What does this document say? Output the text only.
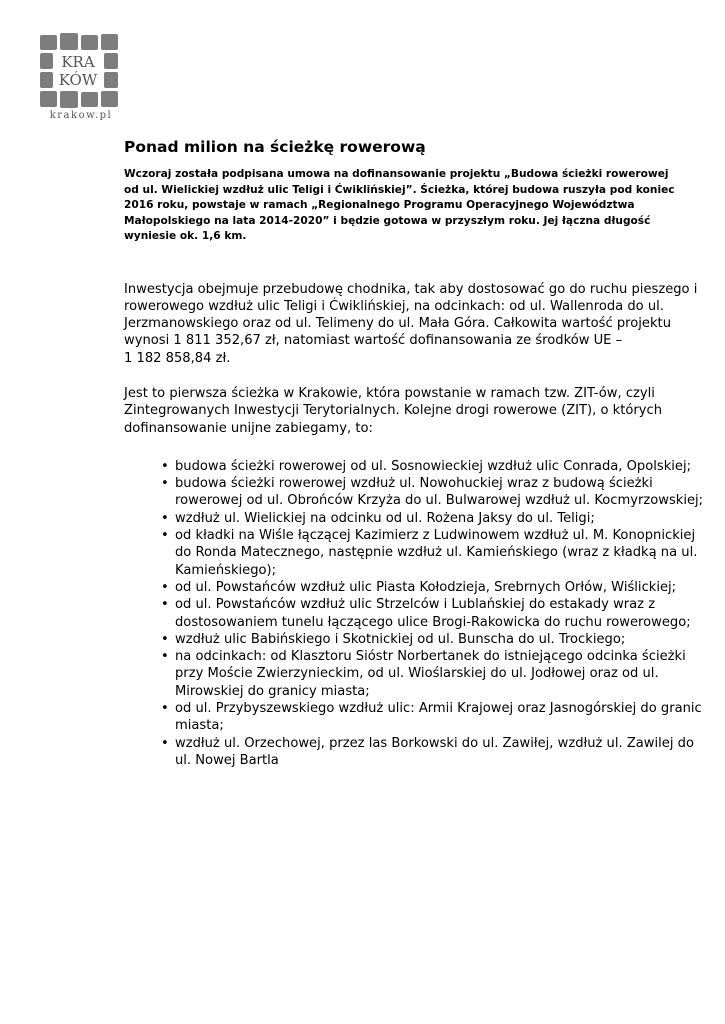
KRA
KÓW
krakow.pl
Ponad milion na ścieżkę rowerową

Wczoraj została podpisana umowa na dofinansowanie projektu „Budowa ścieżki rowerowej od ul. Wielickiej wzdłuż ulic Teligi i Ćwiklińskiej”. Ścieżka, której budowa ruszyła pod koniec 2016 roku, powstaje w ramach „Regionalnego Programu Operacyjnego Województwa Małopolskiego na lata 2014-2020” i będzie gotowa w przyszłym roku. Jej łączna długość wyniesie ok. 1,6 km.

Inwestycja obejmuje przebudowę chodnika, tak aby dostosować go do ruchu pieszego i rowerowego wzdłuż ulic Teligi i Ćwiklińskiej, na odcinkach: od ul. Wallenroda do ul. Jerzmanowskiego oraz od ul. Telimeny do ul. Mała Góra. Całkowita wartość projektu wynosi 1 811 352,67 zł, natomiast wartość dofinansowania ze środków UE –
1 182 858,84 zł.

Jest to pierwsza ścieżka w Krakowie, która powstanie w ramach tzw. ZIT-ów, czyli Zintegrowanych Inwestycji Terytorialnych. Kolejne drogi rowerowe (ZIT), o których dofinansowanie unijne zabiegamy, to:

• budowa ścieżki rowerowej od ul. Sosnowieckiej wzdłuż ulic Conrada, Opolskiej;
• budowa ścieżki rowerowej wzdłuż ul. Nowohuckiej wraz z budową ścieżki rowerowej od ul. Obrońców Krzyża do ul. Bulwarowej wzdłuż ul. Kocmyrzowskiej;
• wzdłuż ul. Wielickiej na odcinku od ul. Rożena Jaksy do ul. Teligi;
• od kładki na Wiśle łączącej Kazimierz z Ludwinowem wzdłuż ul. M. Konopnickiej do Ronda Matecznego, następnie wzdłuż ul. Kamieńskiego (wraz z kładką na ul. Kamieńskiego);
• od ul. Powstańców wzdłuż ulic Piasta Kołodzieja, Srebrnych Orłów, Wiślickiej;
• od ul. Powstańców wzdłuż ulic Strzelców i Lublańskiej do estakady wraz z dostosowaniem tunelu łączącego ulice Brogi-Rakowicka do ruchu rowerowego;
• wzdłuż ulic Babińskiego i Skotnickiej od ul. Bunscha do ul. Trockiego;
• na odcinkach: od Klasztoru Sióstr Norbertanek do istniejącego odcinka ścieżki przy Moście Zwierzynieckim, od ul. Wioślarskiej do ul. Jodłowej oraz od ul. Mirowskiej do granicy miasta;
• od ul. Przybyszewskiego wzdłuż ulic: Armii Krajowej oraz Jasnogórskiej do granic miasta;
• wzdłuż ul. Orzechowej, przez las Borkowski do ul. Zawiłej, wzdłuż ul. Zawilej do ul. Nowej Bartla
